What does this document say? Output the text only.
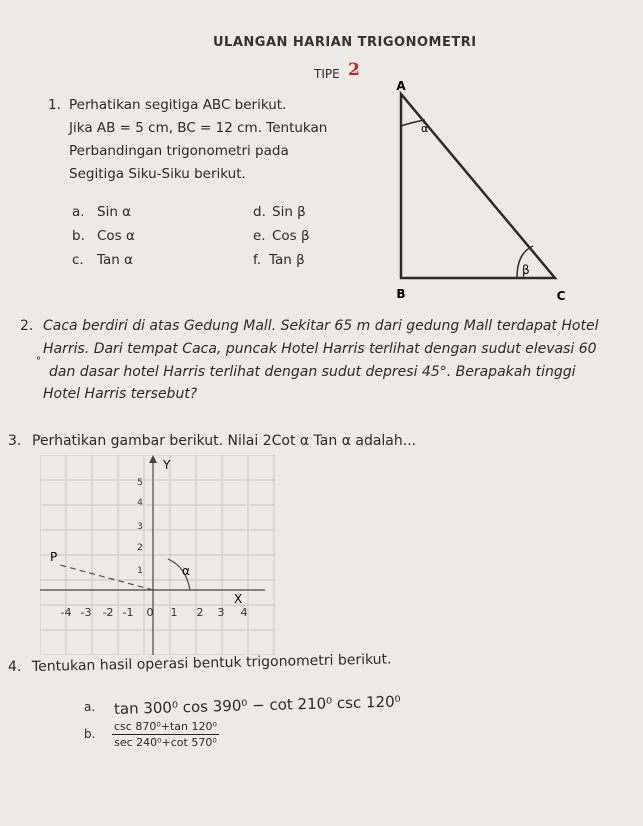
ULANGAN HARIAN TRIGONOMETRI
TIPE 2
1. Perhatikan segitiga ABC berikut.
Jika AB = 5 cm, BC = 12 cm. Tentukan
Perbandingan trigonometri pada
Segitiga Siku-Siku berikut.
a. Sin α	d. Sin β
b. Cos α	e. Cos β
c. Tan α	f. Tan β
A
α
β
B	C
2. Caca berdiri di atas Gedung Mall. Sekitar 65 m dari gedung Mall terdapat Hotel
Harris. Dari tempat Caca, puncak Hotel Harris terlihat dengan sudut elevasi 60
°
dan dasar hotel Harris terlihat dengan sudut depresi 45°. Berapakah tinggi
Hotel Harris tersebut?
3. Perhatikan gambar berikut. Nilai 2Cot α Tan α adalah...
Y
X
P
α
5
4
3
2
1
-4 -3 -2 -1 0 1 2 3 4
4. Tentukan hasil operasi bentuk trigonometri berikut.
a. tan 300⁰ cos 390⁰ − cot 210⁰ csc 120⁰
b.
csc 870⁰+tan 120⁰
sec 240⁰+cot 570⁰
